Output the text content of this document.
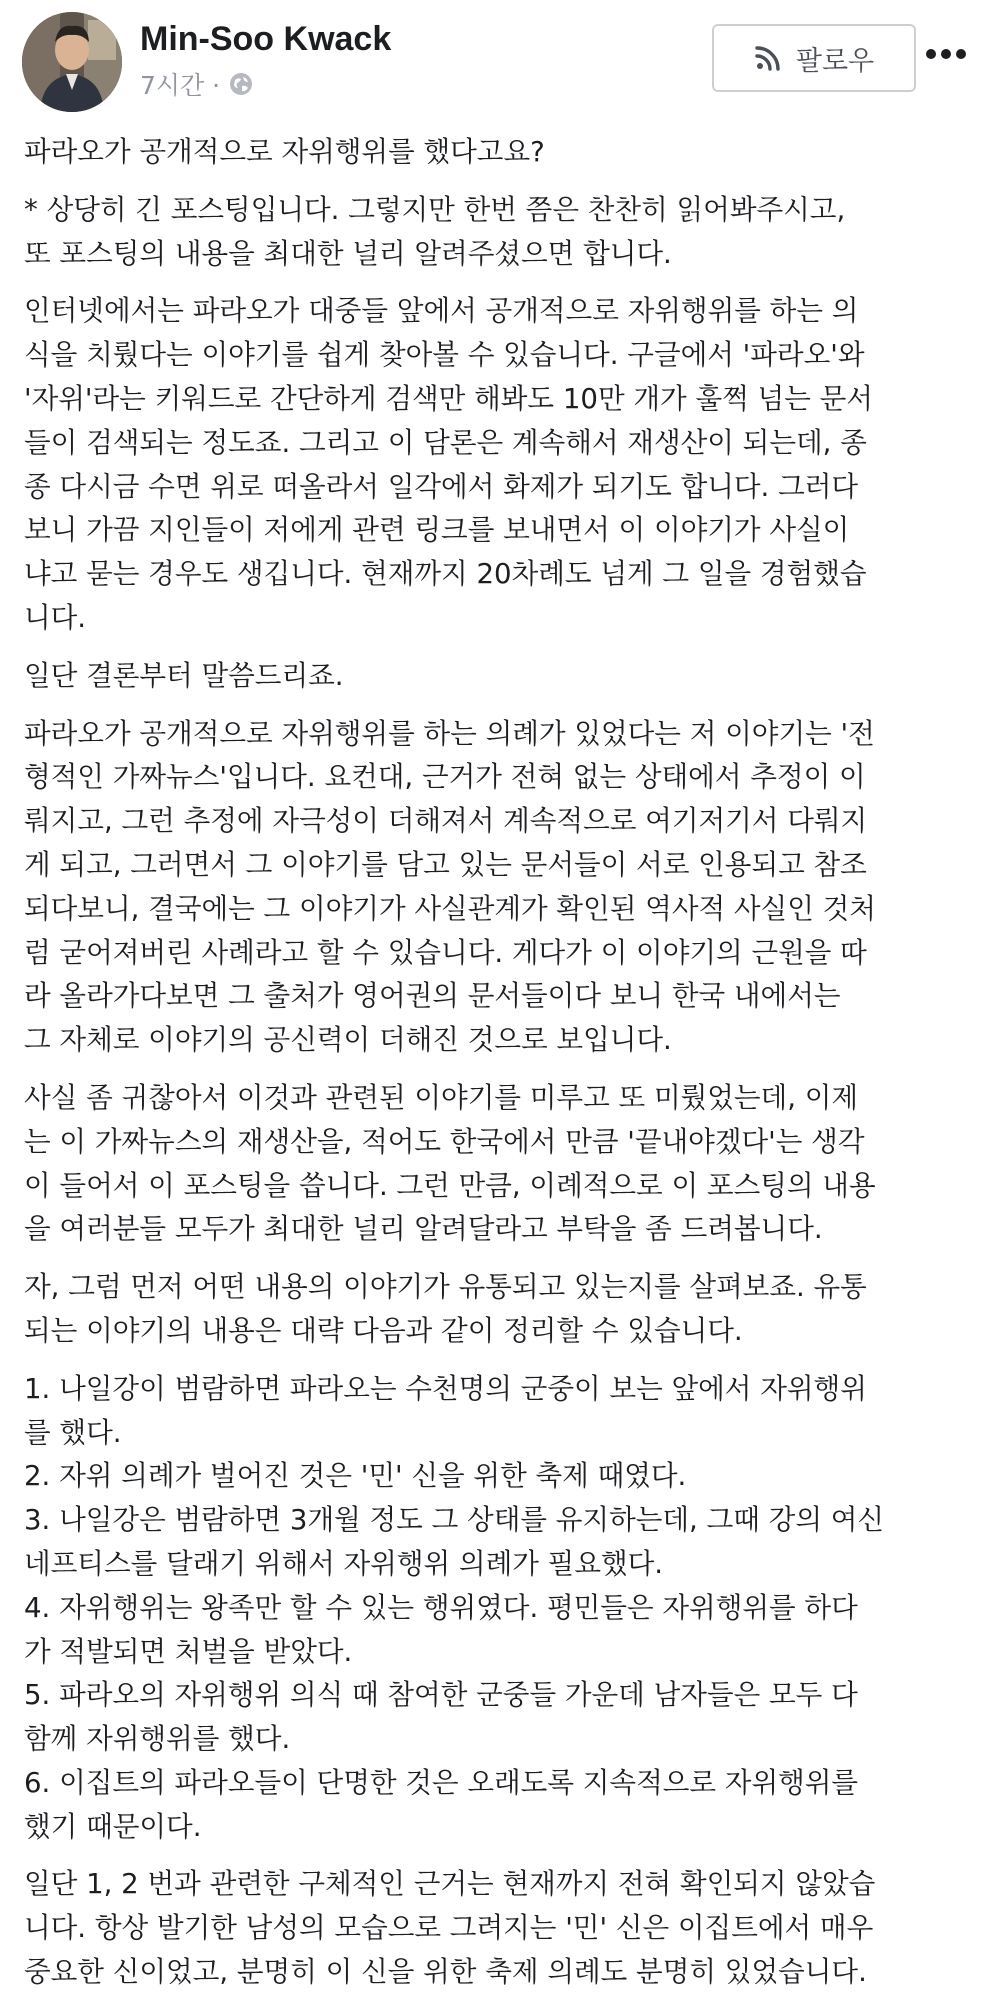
Min-Soo Kwack
7시간 ·
팔로우

파라오가 공개적으로 자위행위를 했다고요?

* 상당히 긴 포스팅입니다. 그렇지만 한번 쯤은 찬찬히 읽어봐주시고,
또 포스팅의 내용을 최대한 널리 알려주셨으면 합니다.

인터넷에서는 파라오가 대중들 앞에서 공개적으로 자위행위를 하는 의
식을 치뤘다는 이야기를 쉽게 찾아볼 수 있습니다. 구글에서 '파라오'와
'자위'라는 키워드로 간단하게 검색만 해봐도 10만 개가 훌쩍 넘는 문서
들이 검색되는 정도죠. 그리고 이 담론은 계속해서 재생산이 되는데, 종
종 다시금 수면 위로 떠올라서 일각에서 화제가 되기도 합니다. 그러다
보니 가끔 지인들이 저에게 관련 링크를 보내면서 이 이야기가 사실이
냐고 묻는 경우도 생깁니다. 현재까지 20차례도 넘게 그 일을 경험했습
니다.

일단 결론부터 말씀드리죠.

파라오가 공개적으로 자위행위를 하는 의례가 있었다는 저 이야기는 '전
형적인 가짜뉴스'입니다. 요컨대, 근거가 전혀 없는 상태에서 추정이 이
뤄지고, 그런 추정에 자극성이 더해져서 계속적으로 여기저기서 다뤄지
게 되고, 그러면서 그 이야기를 담고 있는 문서들이 서로 인용되고 참조
되다보니, 결국에는 그 이야기가 사실관계가 확인된 역사적 사실인 것처
럼 굳어져버린 사례라고 할 수 있습니다. 게다가 이 이야기의 근원을 따
라 올라가다보면 그 출처가 영어권의 문서들이다 보니 한국 내에서는
그 자체로 이야기의 공신력이 더해진 것으로 보입니다.

사실 좀 귀찮아서 이것과 관련된 이야기를 미루고 또 미뤘었는데, 이제
는 이 가짜뉴스의 재생산을, 적어도 한국에서 만큼 '끝내야겠다'는 생각
이 들어서 이 포스팅을 씁니다. 그런 만큼, 이례적으로 이 포스팅의 내용
을 여러분들 모두가 최대한 널리 알려달라고 부탁을 좀 드려봅니다.

자, 그럼 먼저 어떤 내용의 이야기가 유통되고 있는지를 살펴보죠. 유통
되는 이야기의 내용은 대략 다음과 같이 정리할 수 있습니다.

1. 나일강이 범람하면 파라오는 수천명의 군중이 보는 앞에서 자위행위
를 했다.
2. 자위 의례가 벌어진 것은 '민' 신을 위한 축제 때였다.
3. 나일강은 범람하면 3개월 정도 그 상태를 유지하는데, 그때 강의 여신
네프티스를 달래기 위해서 자위행위 의례가 필요했다.
4. 자위행위는 왕족만 할 수 있는 행위였다. 평민들은 자위행위를 하다
가 적발되면 처벌을 받았다.
5. 파라오의 자위행위 의식 때 참여한 군중들 가운데 남자들은 모두 다
함께 자위행위를 했다.
6. 이집트의 파라오들이 단명한 것은 오래도록 지속적으로 자위행위를
했기 때문이다.

일단 1, 2 번과 관련한 구체적인 근거는 현재까지 전혀 확인되지 않았습
니다. 항상 발기한 남성의 모습으로 그려지는 '민' 신은 이집트에서 매우
중요한 신이었고, 분명히 이 신을 위한 축제 의례도 분명히 있었습니다.
